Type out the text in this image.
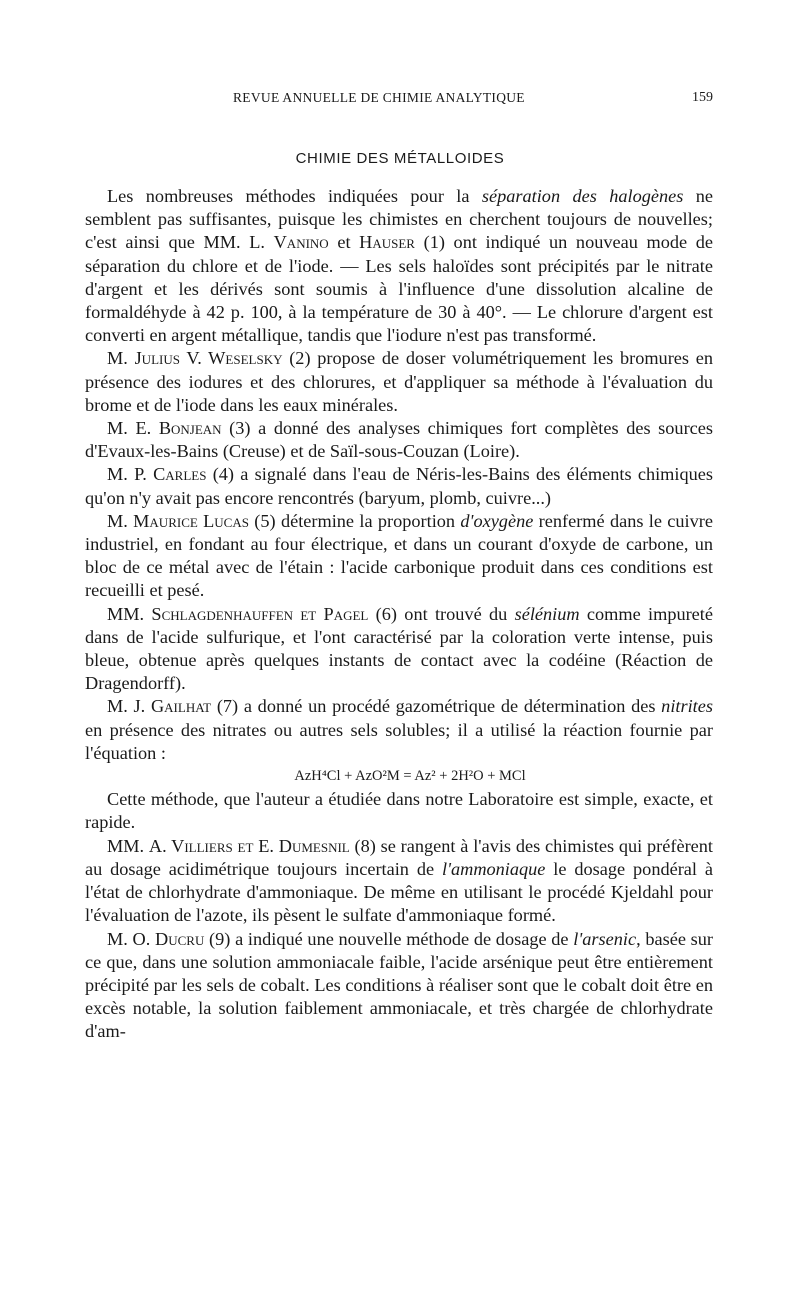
REVUE ANNUELLE DE CHIMIE ANALYTIQUE	159
CHIMIE DES MÉTALLOIDES

Les nombreuses méthodes indiquées pour la séparation des halogènes ne semblent pas suffisantes, puisque les chimistes en cherchent toujours de nouvelles; c'est ainsi que MM. L. Vanino et Hauser (1) ont indiqué un nouveau mode de séparation du chlore et de l'iode. — Les sels haloïdes sont précipités par le nitrate d'argent et les dérivés sont soumis à l'influence d'une dissolution alcaline de formaldéhyde à 42 p. 100, à la température de 30 à 40°. — Le chlorure d'argent est converti en argent métallique, tandis que l'iodure n'est pas transformé.

M. Julius V. Weselsky (2) propose de doser volumétriquement les bromures en présence des iodures et des chlorures, et d'appliquer sa méthode à l'évaluation du brome et de l'iode dans les eaux minérales.

M. E. Bonjean (3) a donné des analyses chimiques fort complètes des sources d'Evaux-les-Bains (Creuse) et de Saïl-sous-Couzan (Loire).

M. P. Carles (4) a signalé dans l'eau de Néris-les-Bains des éléments chimiques qu'on n'y avait pas encore rencontrés (baryum, plomb, cuivre...)

M. Maurice Lucas (5) détermine la proportion d'oxygène renfermé dans le cuivre industriel, en fondant au four électrique, et dans un courant d'oxyde de carbone, un bloc de ce métal avec de l'étain : l'acide carbonique produit dans ces conditions est recueilli et pesé.

MM. Schlagdenhauffen et Pagel (6) ont trouvé du sélénium comme impureté dans de l'acide sulfurique, et l'ont caractérisé par la coloration verte intense, puis bleue, obtenue après quelques instants de contact avec la codéine (Réaction de Dragendorff).

M. J. Gailhat (7) a donné un procédé gazométrique de détermination des nitrites en présence des nitrates ou autres sels solubles; il a utilisé la réaction fournie par l'équation :

AzH⁴Cl + AzO²M = Az² + 2H²O + MCl

Cette méthode, que l'auteur a étudiée dans notre Laboratoire est simple, exacte, et rapide.

MM. A. Villiers et E. Dumesnil (8) se rangent à l'avis des chimistes qui préfèrent au dosage acidimétrique toujours incertain de l'ammoniaque le dosage pondéral à l'état de chlorhydrate d'ammoniaque. De même en utilisant le procédé Kjeldahl pour l'évaluation de l'azote, ils pèsent le sulfate d'ammoniaque formé.

M. O. Ducru (9) a indiqué une nouvelle méthode de dosage de l'arsenic, basée sur ce que, dans une solution ammoniacale faible, l'acide arsénique peut être entièrement précipité par les sels de cobalt. Les conditions à réaliser sont que le cobalt doit être en excès notable, la solution faiblement ammoniacale, et très chargée de chlorhydrate d'am-
